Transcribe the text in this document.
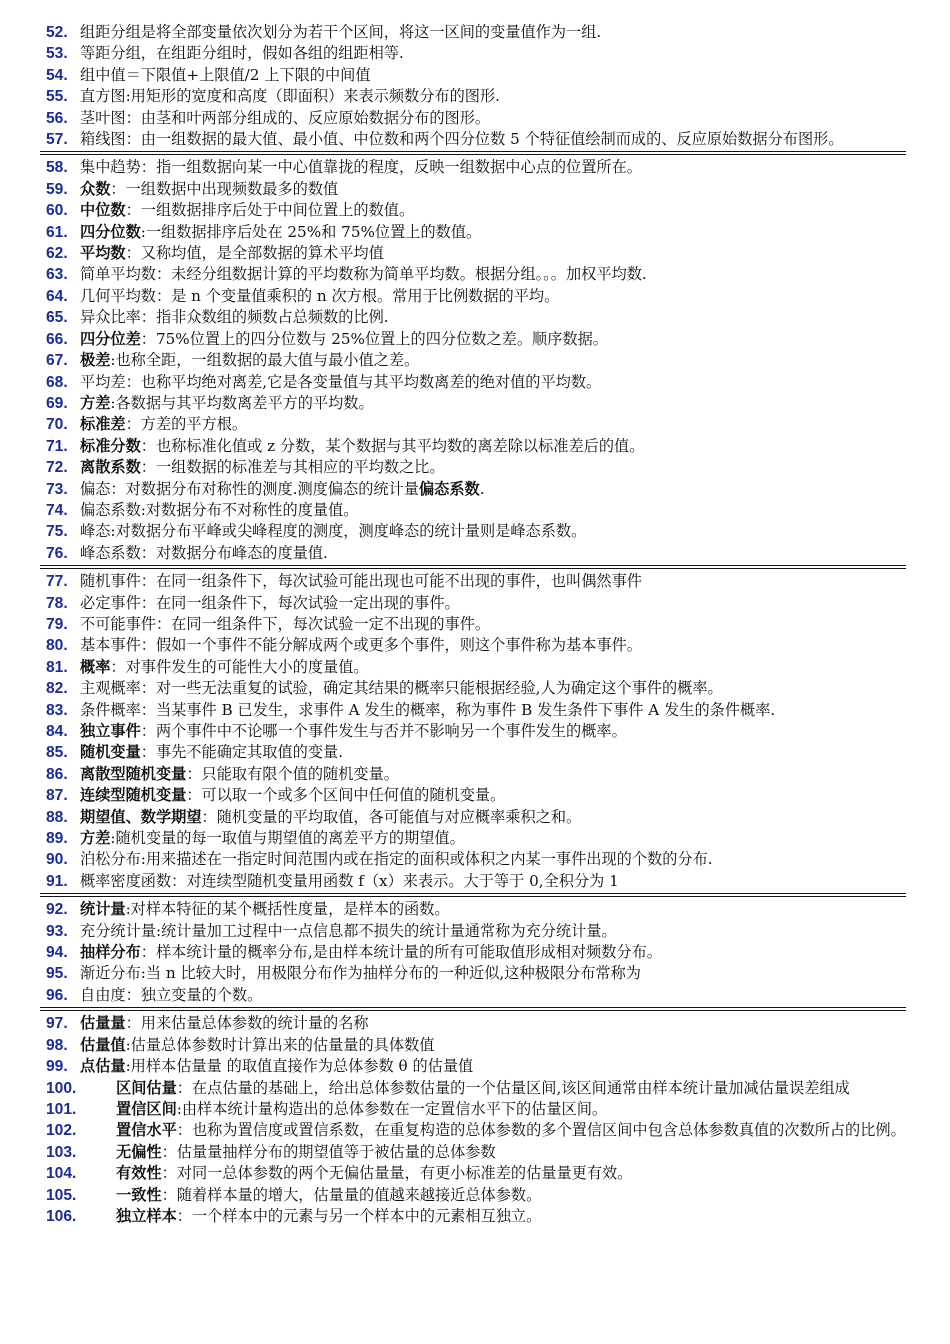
52. 组距分组是将全部变量依次划分为若干个区间，将这一区间的变量值作为一组.
53. 等距分组，在组距分组时，假如各组的组距相等.
54. 组中值＝下限值+上限值/2 上下限的中间值
55. 直方图:用矩形的宽度和高度（即面积）来表示频数分布的图形.
56. 茎叶图：由茎和叶两部分组成的、反应原始数据分布的图形。
57. 箱线图：由一组数据的最大值、最小值、中位数和两个四分位数 5 个特征值绘制而成的、反应原始数据分布图形。
58. 集中趋势：指一组数据向某一中心值靠拢的程度，反映一组数据中心点的位置所在。
59. 众数：一组数据中出现频数最多的数值
60. 中位数：一组数据排序后处于中间位置上的数值。
61. 四分位数:一组数据排序后处在 25%和 75%位置上的数值。
62. 平均数：又称均值，是全部数据的算术平均值
63. 简单平均数：未经分组数据计算的平均数称为简单平均数。根据分组。。。加权平均数.
64. 几何平均数：是 n 个变量值乘积的 n 次方根。常用于比例数据的平均。
65. 异众比率：指非众数组的频数占总频数的比例.
66. 四分位差：75%位置上的四分位数与 25%位置上的四分位数之差。顺序数据。
67. 极差:也称全距，一组数据的最大值与最小值之差。
68. 平均差：也称平均绝对离差,它是各变量值与其平均数离差的绝对值的平均数。
69. 方差:各数据与其平均数离差平方的平均数。
70. 标准差：方差的平方根。
71. 标准分数：也称标准化值或 z 分数，某个数据与其平均数的离差除以标准差后的值。
72. 离散系数：一组数据的标准差与其相应的平均数之比。
73. 偏态：对数据分布对称性的测度.测度偏态的统计量偏态系数.
74. 偏态系数:对数据分布不对称性的度量值。
75. 峰态:对数据分布平峰或尖峰程度的测度，测度峰态的统计量则是峰态系数。
76. 峰态系数：对数据分布峰态的度量值.
77. 随机事件：在同一组条件下，每次试验可能出现也可能不出现的事件，也叫偶然事件
78. 必定事件：在同一组条件下，每次试验一定出现的事件。
79. 不可能事件：在同一组条件下，每次试验一定不出现的事件。
80. 基本事件：假如一个事件不能分解成两个或更多个事件，则这个事件称为基本事件。
81. 概率：对事件发生的可能性大小的度量值。
82. 主观概率：对一些无法重复的试验，确定其结果的概率只能根据经验,人为确定这个事件的概率。
83. 条件概率：当某事件 B 已发生，求事件 A 发生的概率，称为事件 B 发生条件下事件 A 发生的条件概率.
84. 独立事件：两个事件中不论哪一个事件发生与否并不影响另一个事件发生的概率。
85. 随机变量：事先不能确定其取值的变量.
86. 离散型随机变量：只能取有限个值的随机变量。
87. 连续型随机变量：可以取一个或多个区间中任何值的随机变量。
88. 期望值、数学期望：随机变量的平均取值，各可能值与对应概率乘积之和。
89. 方差:随机变量的每一取值与期望值的离差平方的期望值。
90. 泊松分布:用来描述在一指定时间范围内或在指定的面积或体积之内某一事件出现的个数的分布.
91. 概率密度函数：对连续型随机变量用函数 f（x）来表示。大于等于 0,全积分为 1
92. 统计量:对样本特征的某个概括性度量，是样本的函数。
93. 充分统计量:统计量加工过程中一点信息都不损失的统计量通常称为充分统计量。
94. 抽样分布：样本统计量的概率分布,是由样本统计量的所有可能取值形成相对频数分布。
95. 渐近分布:当 n 比较大时，用极限分布作为抽样分布的一种近似,这种极限分布常称为
96. 自由度：独立变量的个数。
97. 估量量：用来估量总体参数的统计量的名称
98. 估量值:估量总体参数时计算出来的估量量的具体数值
99. 点估量:用样本估量量 的取值直接作为总体参数 θ 的估量值
100.	区间估量：在点估量的基础上，给出总体参数估量的一个估量区间,该区间通常由样本统计量加减估量误差组成
101.	置信区间:由样本统计量构造出的总体参数在一定置信水平下的估量区间。
102.	置信水平：也称为置信度或置信系数，在重复构造的总体参数的多个置信区间中包含总体参数真值的次数所占的比例。
103.	无偏性：估量量抽样分布的期望值等于被估量的总体参数
104.	有效性：对同一总体参数的两个无偏估量量，有更小标准差的估量量更有效。
105.	一致性：随着样本量的增大，估量量的值越来越接近总体参数。
106.	独立样本：一个样本中的元素与另一个样本中的元素相互独立。
